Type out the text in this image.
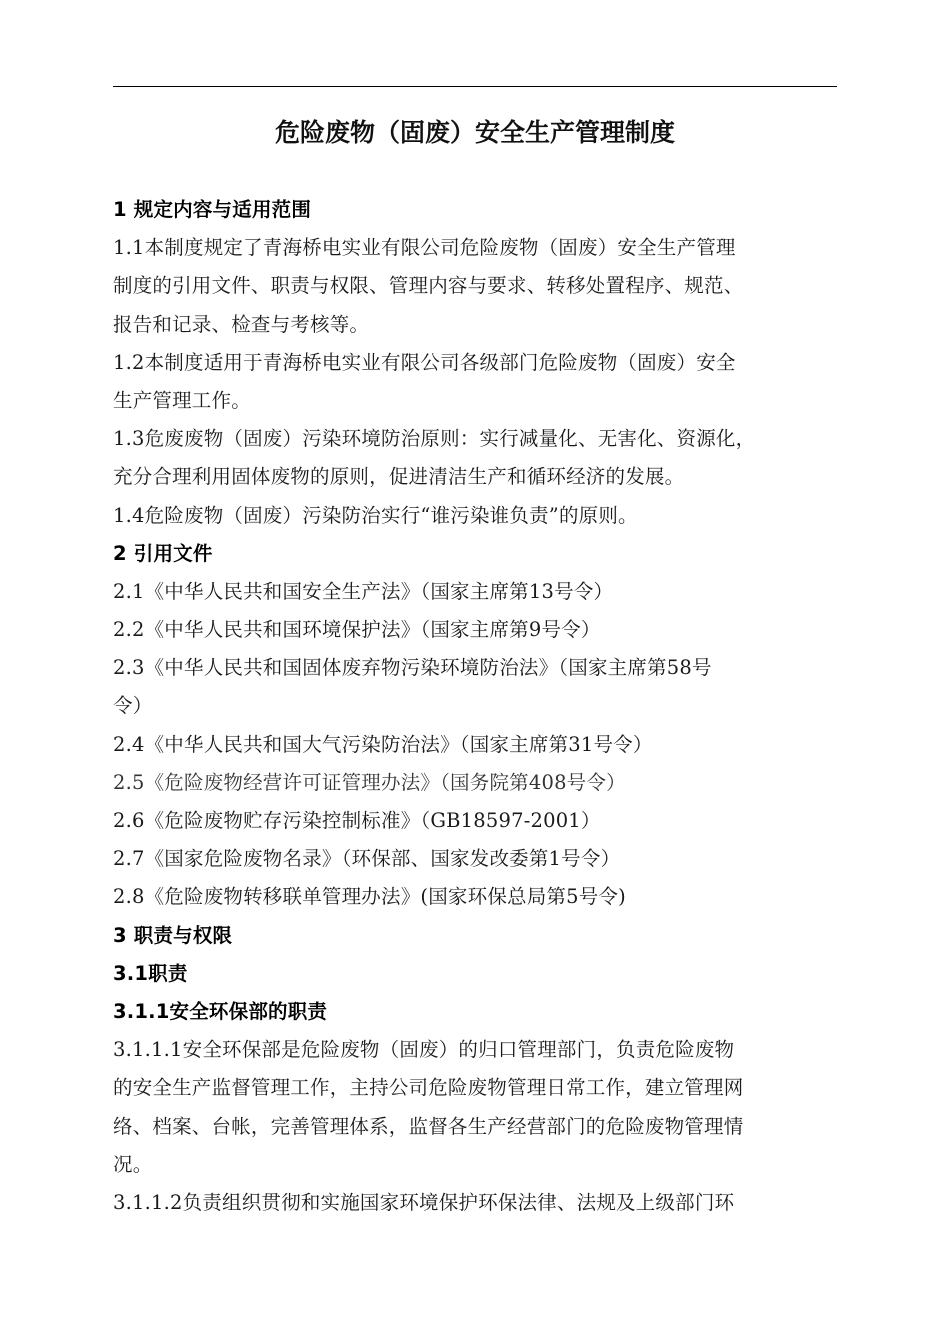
危险废物（固废）安全生产管理制度
1 规定内容与适用范围
1.1本制度规定了青海桥电实业有限公司危险废物（固废）安全生产管理
制度的引用文件、职责与权限、管理内容与要求、转移处置程序、规范、
报告和记录、检查与考核等。
1.2本制度适用于青海桥电实业有限公司各级部门危险废物（固废）安全
生产管理工作。
1.3危废废物（固废）污染环境防治原则：实行减量化、无害化、资源化，
充分合理利用固体废物的原则，促进清洁生产和循环经济的发展。
1.4危险废物（固废）污染防治实行“谁污染谁负责”的原则。
2 引用文件
2.1《中华人民共和国安全生产法》（国家主席第13号令）
2.2《中华人民共和国环境保护法》（国家主席第9号令）
2.3《中华人民共和国固体废弃物污染环境防治法》（国家主席第58号
令）
2.4《中华人民共和国大气污染防治法》（国家主席第31号令）
2.5《危险废物经营许可证管理办法》（国务院第408号令）
2.6《危险废物贮存污染控制标准》（GB18597-2001）
2.7《国家危险废物名录》（环保部、国家发改委第1号令）
2.8《危险废物转移联单管理办法》(国家环保总局第5号令)
3 职责与权限
3.1职责
3.1.1安全环保部的职责
3.1.1.1安全环保部是危险废物（固废）的归口管理部门，负责危险废物
的安全生产监督管理工作，主持公司危险废物管理日常工作，建立管理网
络、档案、台帐，完善管理体系，监督各生产经营部门的危险废物管理情
况。
3.1.1.2负责组织贯彻和实施国家环境保护环保法律、法规及上级部门环
